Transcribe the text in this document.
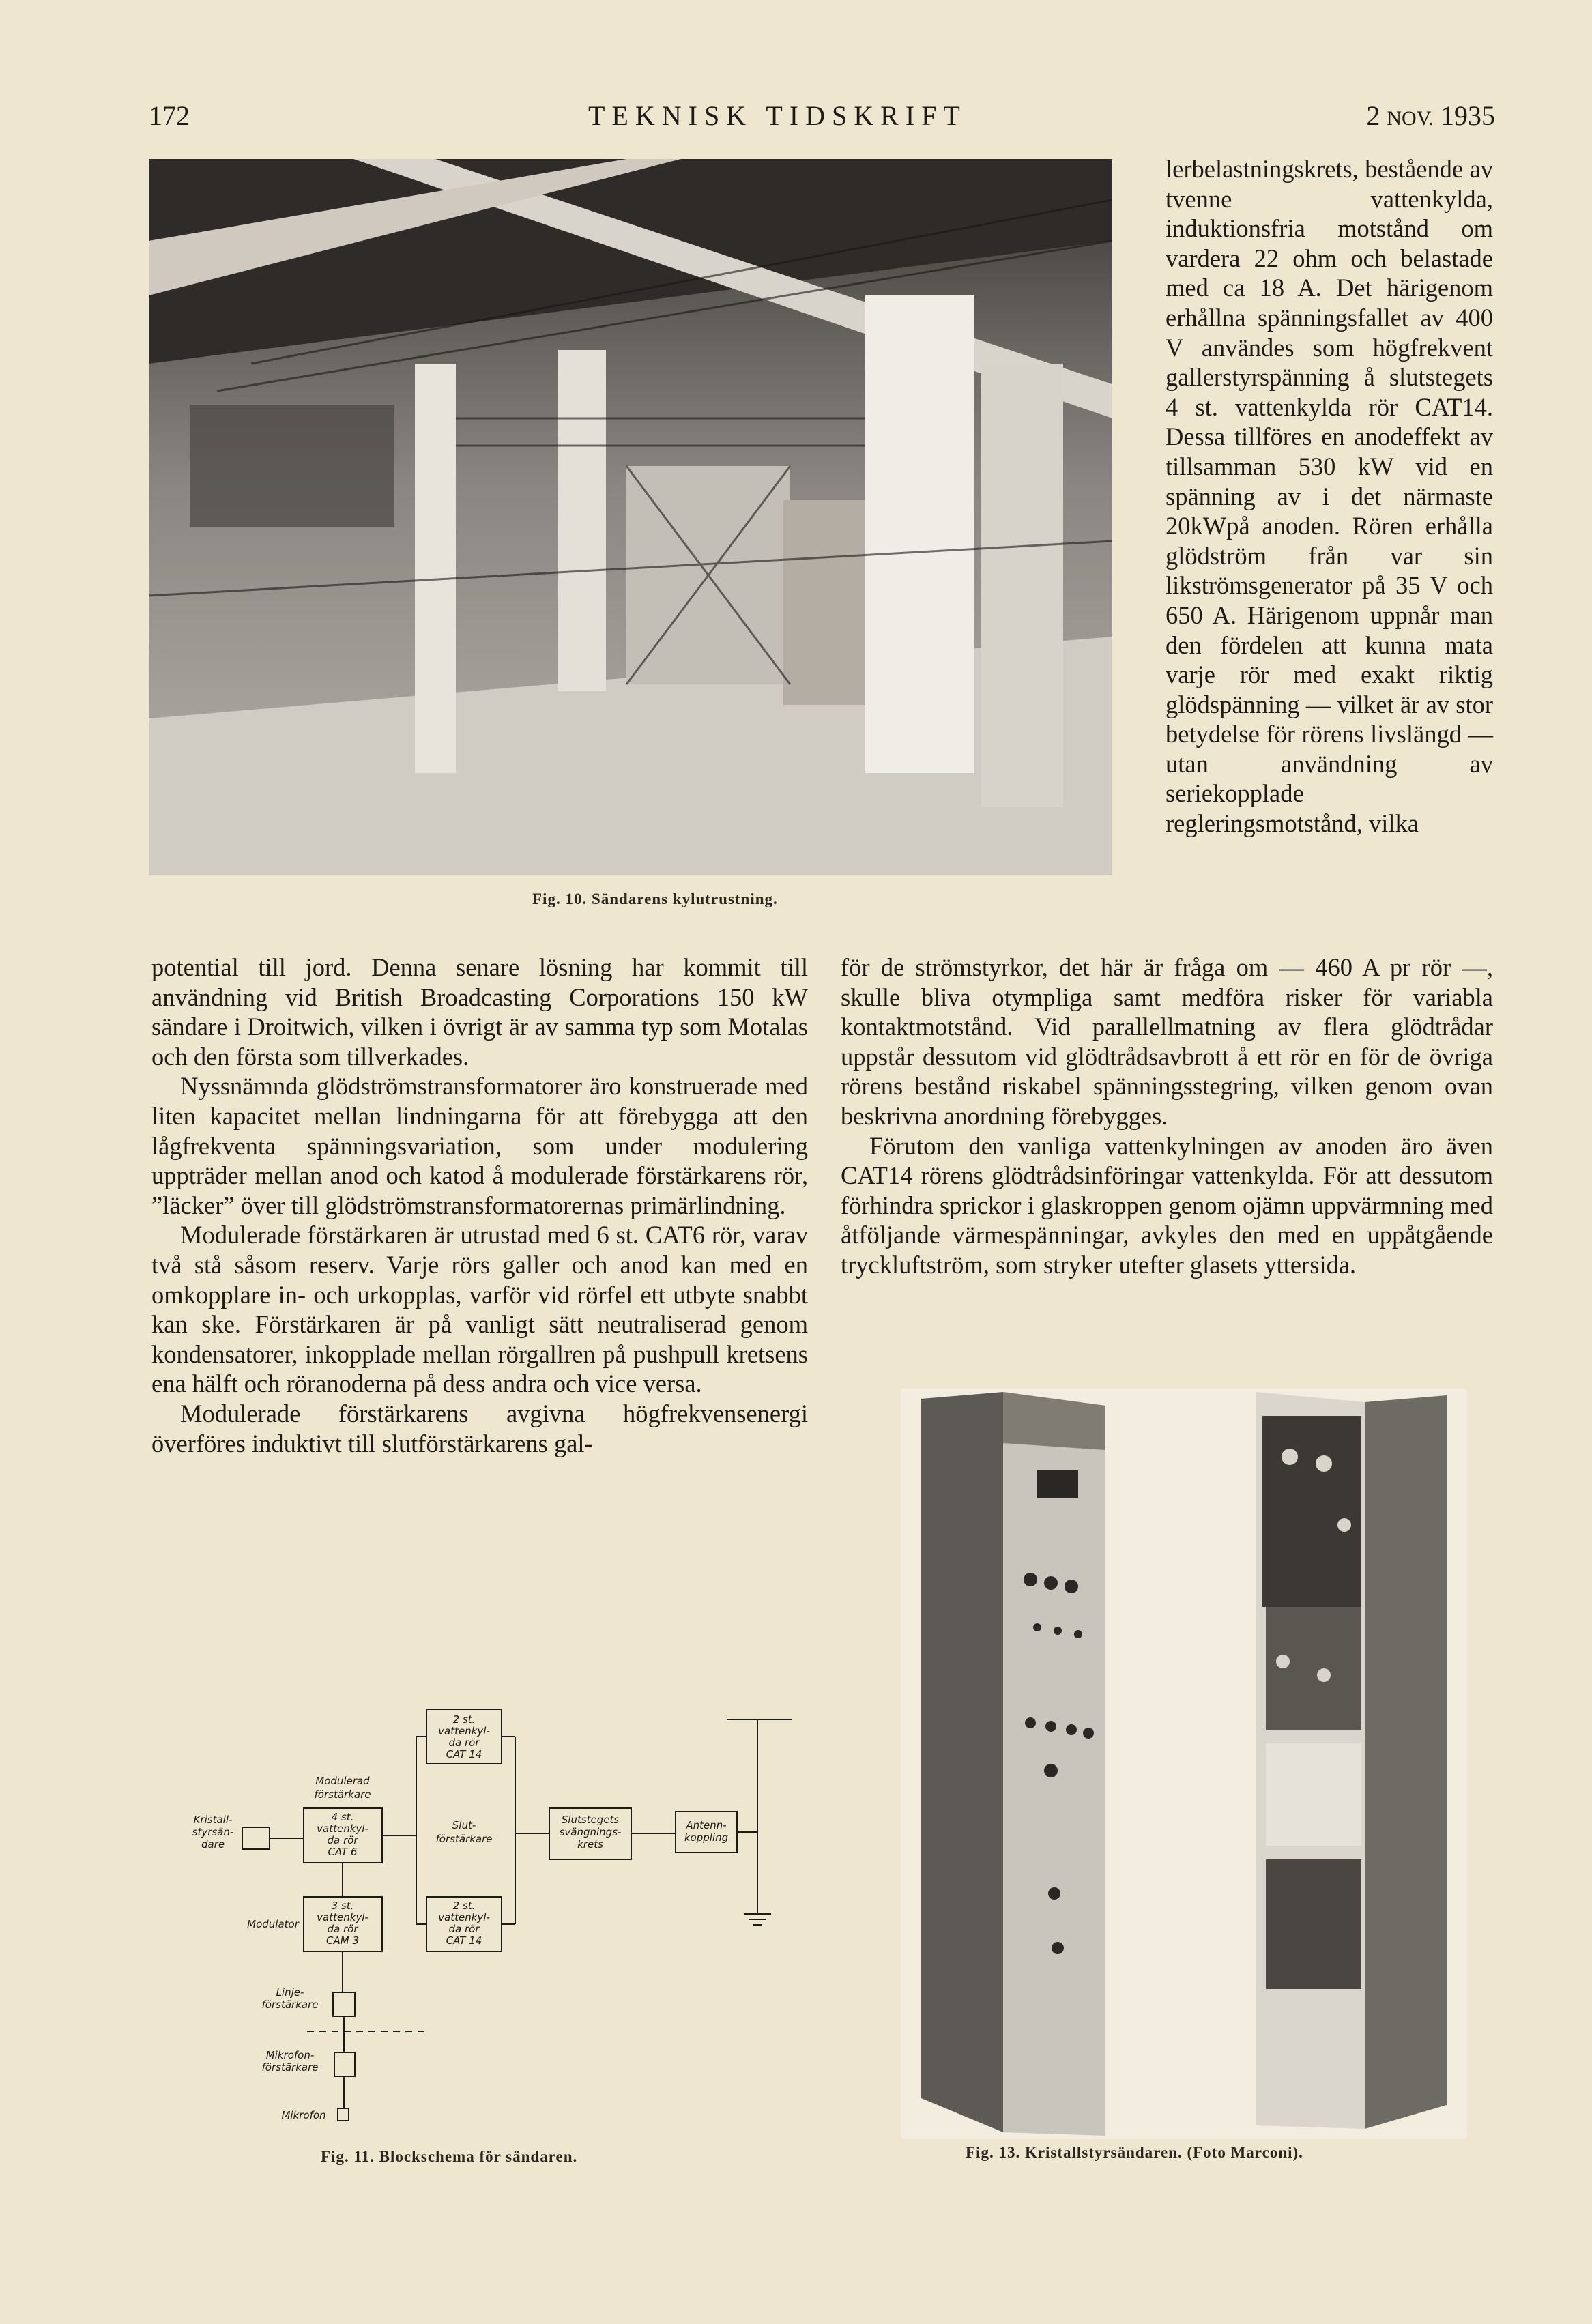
172	TEKNISK TIDSKRIFT	2 NOV. 1935
Fig. 10. Sändarens kylutrustning.

lerbelastningskrets, bestående av tvenne vattenkylda, induktionsfria motstånd om vardera 22 ohm och belastade med ca 18 A. Det härigenom erhållna spänningsfallet av 400 V användes som högfrekvent gallerstyrspänning å slutstegets 4 st. vattenkylda rör CAT14. Dessa tillföres en anodeffekt av tillsamman 530 kW vid en spänning av i det närmaste 20kWpå anoden. Rören erhålla glödström från var sin likströmsgenerator på 35 V och 650 A. Härigenom uppnår man den fördelen att kunna mata varje rör med exakt riktig glödspänning — vilket är av stor betydelse för rörens livslängd — utan användning av seriekopplade regleringsmotstånd, vilka

potential till jord. Denna senare lösning har kommit till användning vid British Broadcasting Corporations 150 kW sändare i Droitwich, vilken i övrigt är av samma typ som Motalas och den första som tillverkades.

Nyssnämnda glödströmstransformatorer äro konstruerade med liten kapacitet mellan lindningarna för att förebygga att den lågfrekventa spänningsvariation, som under modulering uppträder mellan anod och katod å modulerade förstärkarens rör, ”läcker” över till glödströmstransformatorernas primärlindning.

Modulerade förstärkaren är utrustad med 6 st. CAT6 rör, varav två stå såsom reserv. Varje rörs galler och anod kan med en omkopplare in- och urkopplas, varför vid rörfel ett utbyte snabbt kan ske. Förstärkaren är på vanligt sätt neutraliserad genom kondensatorer, inkopplade mellan rörgallren på pushpull kretsens ena hälft och röranoderna på dess andra och vice versa.

Modulerade förstärkarens avgivna högfrekvensenergi överföres induktivt till slutförstärkarens gal-

för de strömstyrkor, det här är fråga om — 460 A pr rör —, skulle bliva otympliga samt medföra risker för variabla kontaktmotstånd. Vid parallellmatning av flera glödtrådar uppstår dessutom vid glödtrådsavbrott å ett rör en för de övriga rörens bestånd riskabel spänningsstegring, vilken genom ovan beskrivna anordning förebygges.

Förutom den vanliga vattenkylningen av anoden äro även CAT14 rörens glödtrådsinföringar vattenkylda. För att dessutom förhindra sprickor i glaskroppen genom ojämn uppvärmning med åtföljande värmespänningar, avkyles den med en uppåtgående tryckluftström, som stryker utefter glasets yttersida.

2 st.
vattenkyl-
da rör
CAT 14
Modulerad
förstärkare
4 st.
vattenkyl-
da rör
CAT 6
Kristall-
styrsän-
dare
Slut-
förstärkare
Slutstegets
svängnings-
krets
Antenn-
koppling
Modulator
3 st.
vattenkyl-
da rör
CAM 3
2 st.
vattenkyl-
da rör
CAT 14
Linje-
förstärkare
Mikrofon-
förstärkare
Mikrofon
Fig. 11. Blockschema för sändaren.	Fig. 13. Kristallstyrsändaren. (Foto Marconi).
